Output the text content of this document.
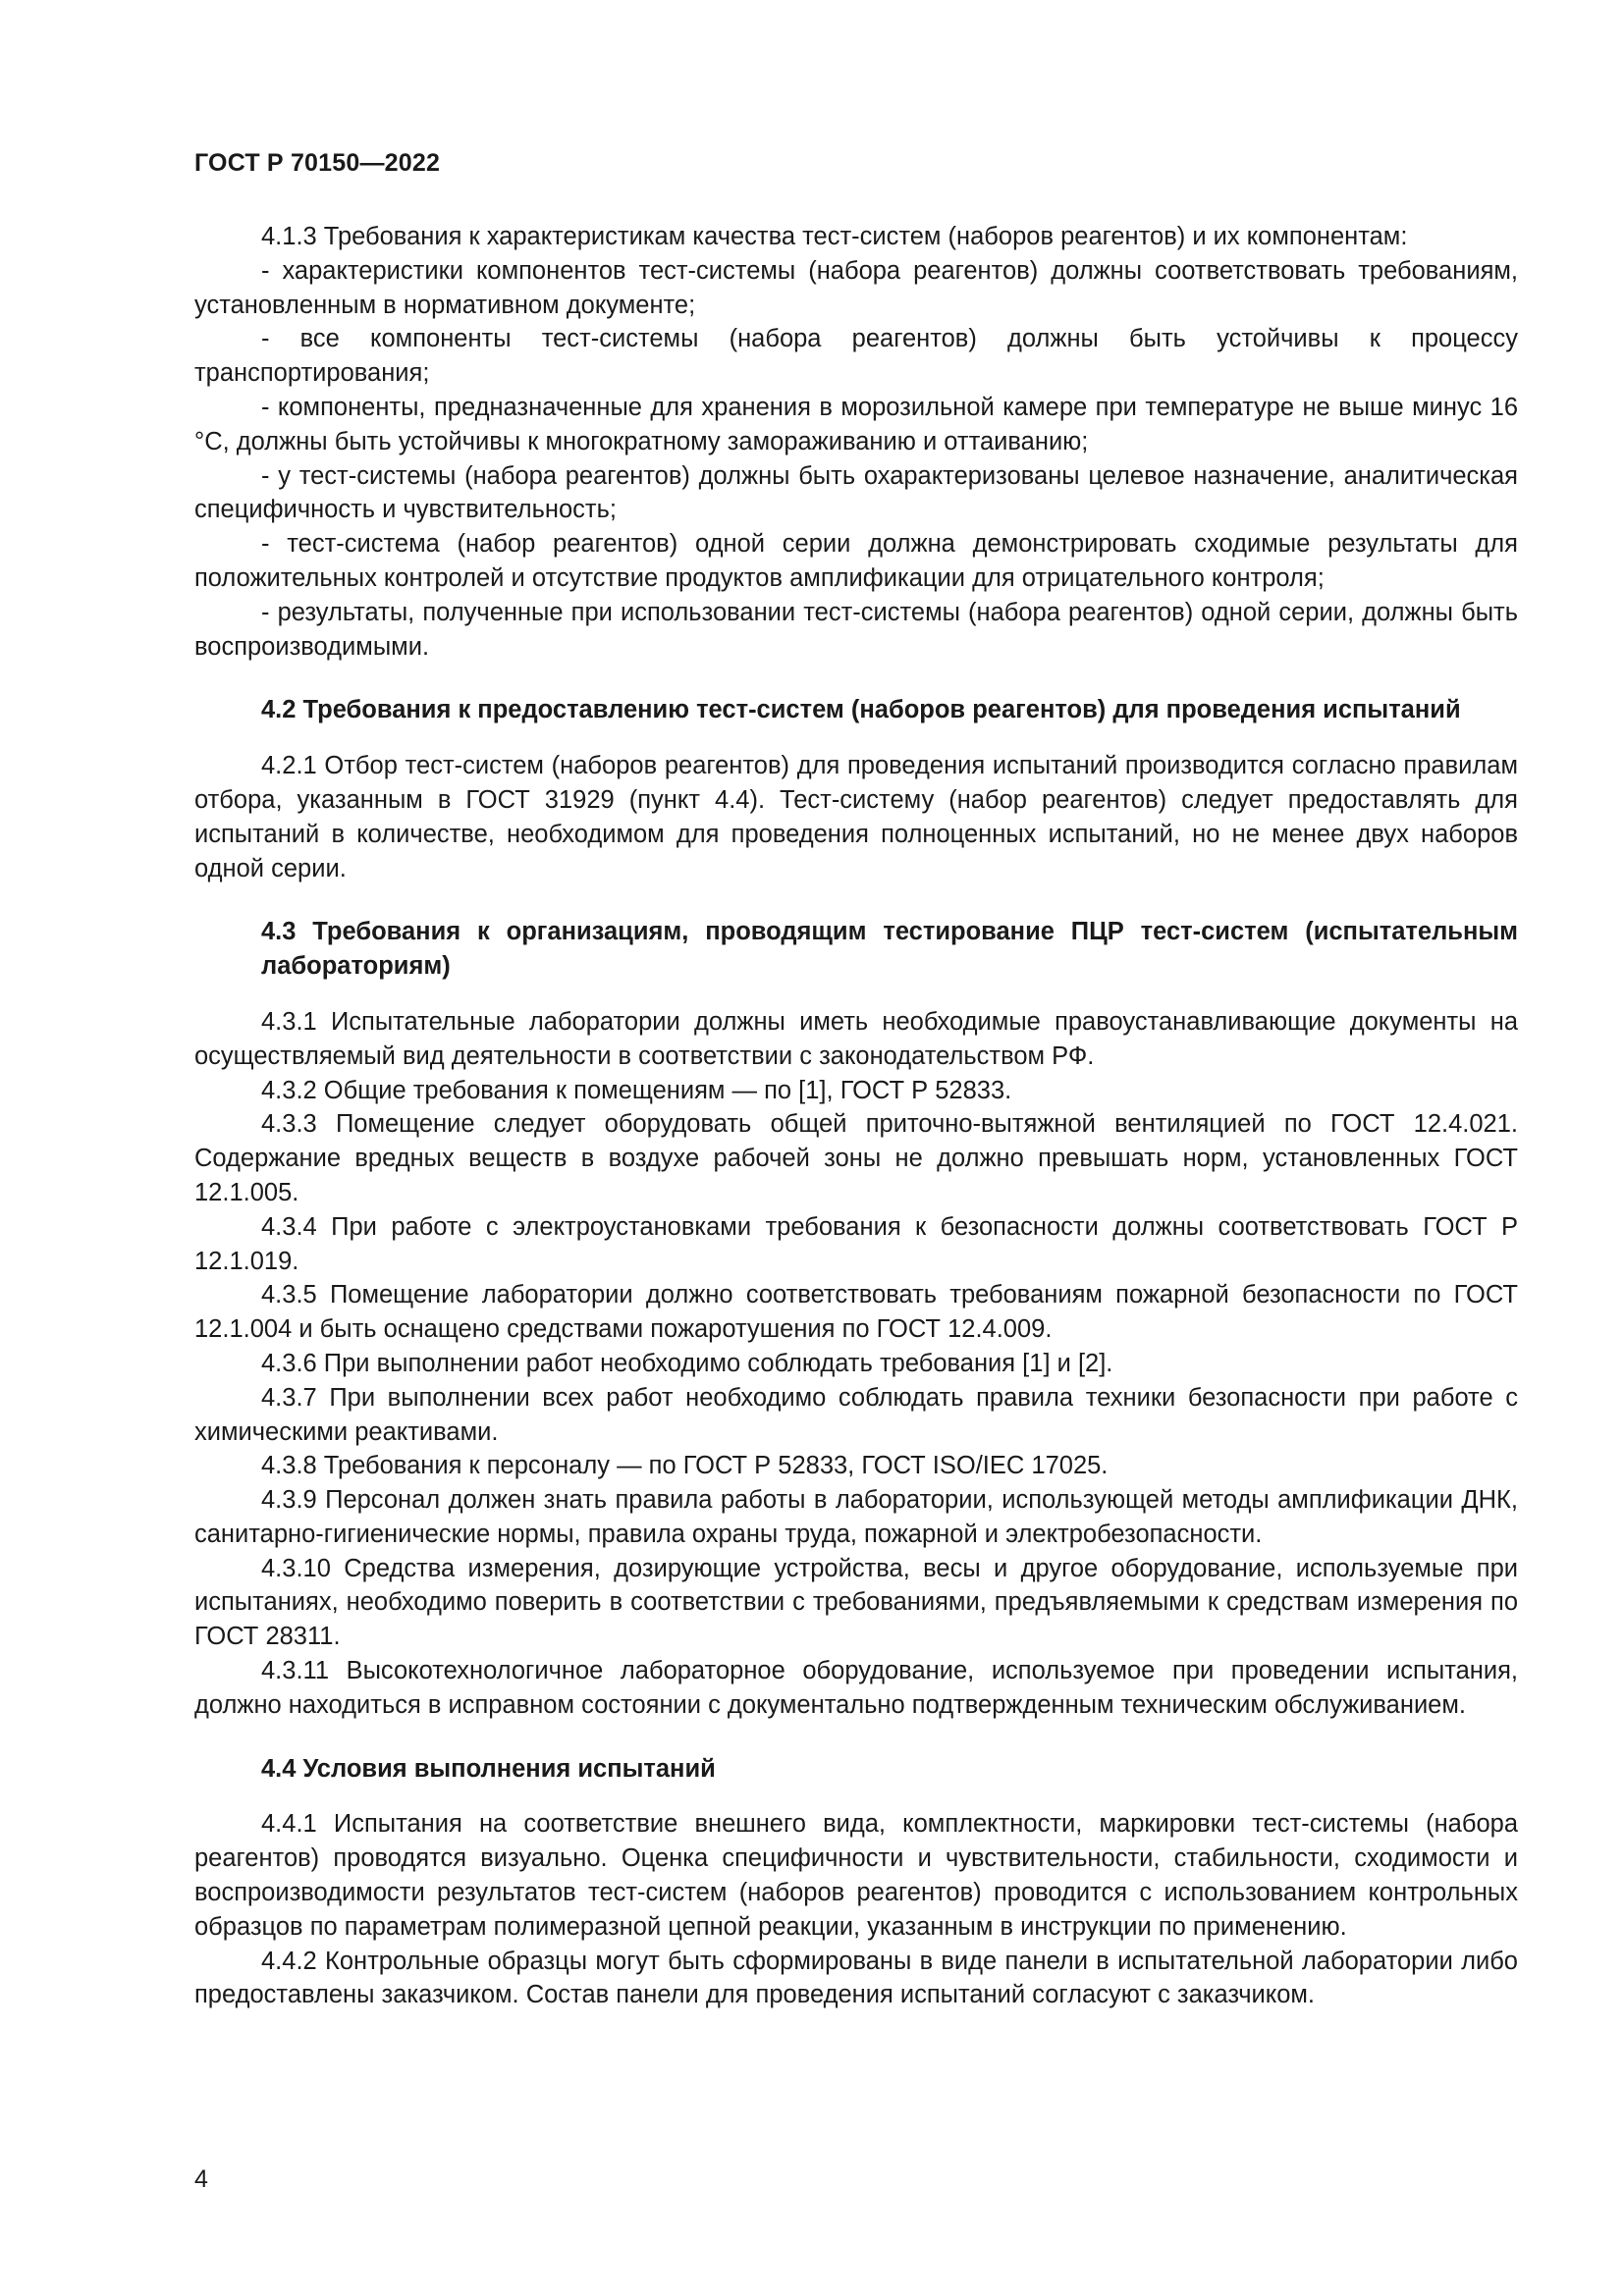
ГОСТ Р 70150—2022

4.1.3 Требования к характеристикам качества тест-систем (наборов реагентов) и их компонентам:

- характеристики компонентов тест-системы (набора реагентов) должны соответствовать требованиям, установленным в нормативном документе;

- все компоненты тест-системы (набора реагентов) должны быть устойчивы к процессу транспортирования;

- компоненты, предназначенные для хранения в морозильной камере при температуре не выше минус 16 °С, должны быть устойчивы к многократному замораживанию и оттаиванию;

- у тест-системы (набора реагентов) должны быть охарактеризованы целевое назначение, аналитическая специфичность и чувствительность;

- тест-система (набор реагентов) одной серии должна демонстрировать сходимые результаты для положительных контролей и отсутствие продуктов амплификации для отрицательного контроля;

- результаты, полученные при использовании тест-системы (набора реагентов) одной серии, должны быть воспроизводимыми.

4.2 Требования к предоставлению тест-систем (наборов реагентов) для проведения испытаний

4.2.1 Отбор тест-систем (наборов реагентов) для проведения испытаний производится согласно правилам отбора, указанным в ГОСТ 31929 (пункт 4.4). Тест-систему (набор реагентов) следует предоставлять для испытаний в количестве, необходимом для проведения полноценных испытаний, но не менее двух наборов одной серии.

4.3 Требования к организациям, проводящим тестирование ПЦР тест-систем (испытательным лабораториям)

4.3.1 Испытательные лаборатории должны иметь необходимые правоустанавливающие документы на осуществляемый вид деятельности в соответствии с законодательством РФ.

4.3.2 Общие требования к помещениям — по [1], ГОСТ Р 52833.

4.3.3 Помещение следует оборудовать общей приточно-вытяжной вентиляцией по ГОСТ 12.4.021. Содержание вредных веществ в воздухе рабочей зоны не должно превышать норм, установленных ГОСТ 12.1.005.

4.3.4 При работе с электроустановками требования к безопасности должны соответствовать ГОСТ Р 12.1.019.

4.3.5 Помещение лаборатории должно соответствовать требованиям пожарной безопасности по ГОСТ 12.1.004 и быть оснащено средствами пожаротушения по ГОСТ 12.4.009.

4.3.6 При выполнении работ необходимо соблюдать требования [1] и [2].

4.3.7 При выполнении всех работ необходимо соблюдать правила техники безопасности при работе с химическими реактивами.

4.3.8 Требования к персоналу — по ГОСТ Р 52833, ГОСТ ISO/IEC 17025.

4.3.9 Персонал должен знать правила работы в лаборатории, использующей методы амплификации ДНК, санитарно-гигиенические нормы, правила охраны труда, пожарной и электробезопасности.

4.3.10 Средства измерения, дозирующие устройства, весы и другое оборудование, используемые при испытаниях, необходимо поверить в соответствии с требованиями, предъявляемыми к средствам измерения по ГОСТ 28311.

4.3.11 Высокотехнологичное лабораторное оборудование, используемое при проведении испытания, должно находиться в исправном состоянии с документально подтвержденным техническим обслуживанием.

4.4 Условия выполнения испытаний

4.4.1 Испытания на соответствие внешнего вида, комплектности, маркировки тест-системы (набора реагентов) проводятся визуально. Оценка специфичности и чувствительности, стабильности, сходимости и воспроизводимости результатов тест-систем (наборов реагентов) проводится с использованием контрольных образцов по параметрам полимеразной цепной реакции, указанным в инструкции по применению.

4.4.2 Контрольные образцы могут быть сформированы в виде панели в испытательной лаборатории либо предоставлены заказчиком. Состав панели для проведения испытаний согласуют с заказчиком.

4
